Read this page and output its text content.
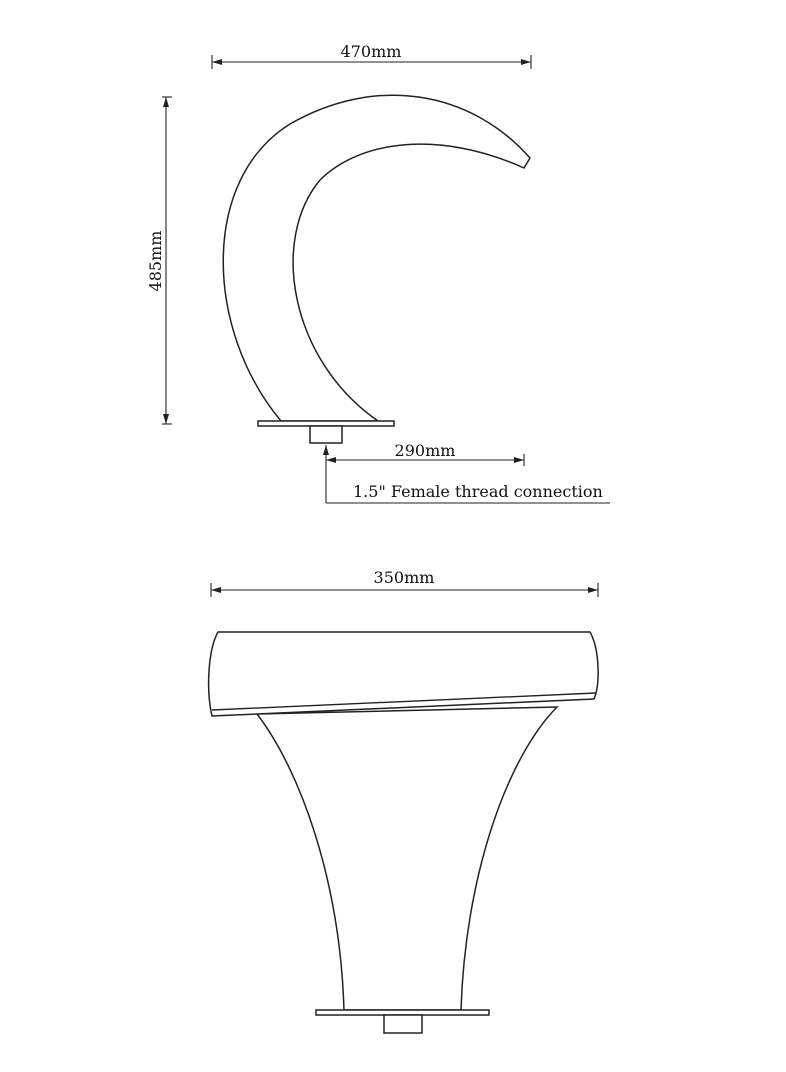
470mm
485mm
290mm
1.5" Female thread connection
350mm
